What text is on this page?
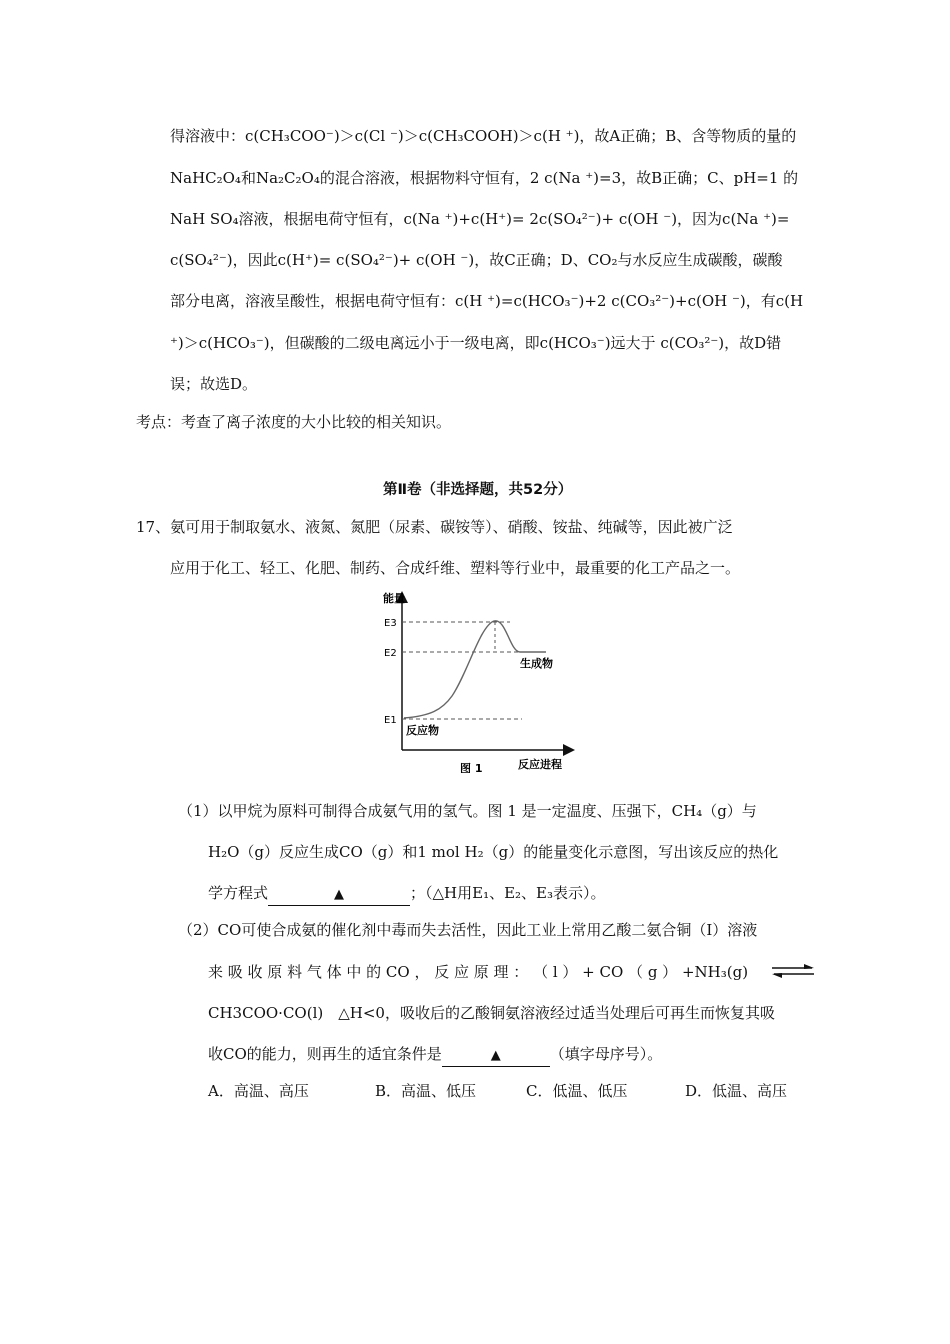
得溶液中：c(CH₃COO⁻)＞c(Cl ⁻)＞c(CH₃COOH)＞c(H ⁺)，故A正确；B、含等物质的量的
NaHC₂O₄和Na₂C₂O₄的混合溶液，根据物料守恒有，2 c(Na ⁺)=3，故B正确；C、pH=1 的
NaH SO₄溶液，根据电荷守恒有，c(Na ⁺)+c(H⁺)= 2c(SO₄²⁻)+ c(OH ⁻)，因为c(Na ⁺)=
c(SO₄²⁻)，因此c(H⁺)= c(SO₄²⁻)+ c(OH ⁻)，故C正确；D、CO₂与水反应生成碳酸，碳酸
部分电离，溶液呈酸性，根据电荷守恒有：c(H ⁺)=c(HCO₃⁻)+2 c(CO₃²⁻)+c(OH ⁻)，有c(H
⁺)＞c(HCO₃⁻)，但碳酸的二级电离远小于一级电离，即c(HCO₃⁻)远大于 c(CO₃²⁻)，故D错
误；故选D。
考点：考查了离子浓度的大小比较的相关知识。
第Ⅱ卷（非选择题，共52分）
17、氨可用于制取氨水、液氮、氮肥（尿素、碳铵等）、硝酸、铵盐、纯碱等，因此被广泛
应用于化工、轻工、化肥、制药、合成纤维、塑料等行业中，最重要的化工产品之一。
能量
E3
E2
E1
生成物
反应物
图 1	反应进程
（1）以甲烷为原料可制得合成氨气用的氢气。图 1 是一定温度、压强下，CH₄（g）与
H₂O（g）反应生成CO（g）和1 mol H₂（g）的能量变化示意图，写出该反应的热化
学方程式	▲	；（△H用E₁、E₂、E₃表示）。
（2）CO可使合成氨的催化剂中毒而失去活性，因此工业上常用乙酸二氨合铜（I）溶液
来 吸 收 原 料 气 体 中 的 CO ， 反 应 原 理 ： （ l ） + CO （ g ） +NH₃(g) ⇌
CH3COO·CO(l)　△H<0，吸收后的乙酸铜氨溶液经过适当处理后可再生而恢复其吸
收CO的能力，则再生的适宜条件是	▲	（填字母序号）。
A．高温、高压	B．高温、低压	C．低温、低压	D．低温、高压
